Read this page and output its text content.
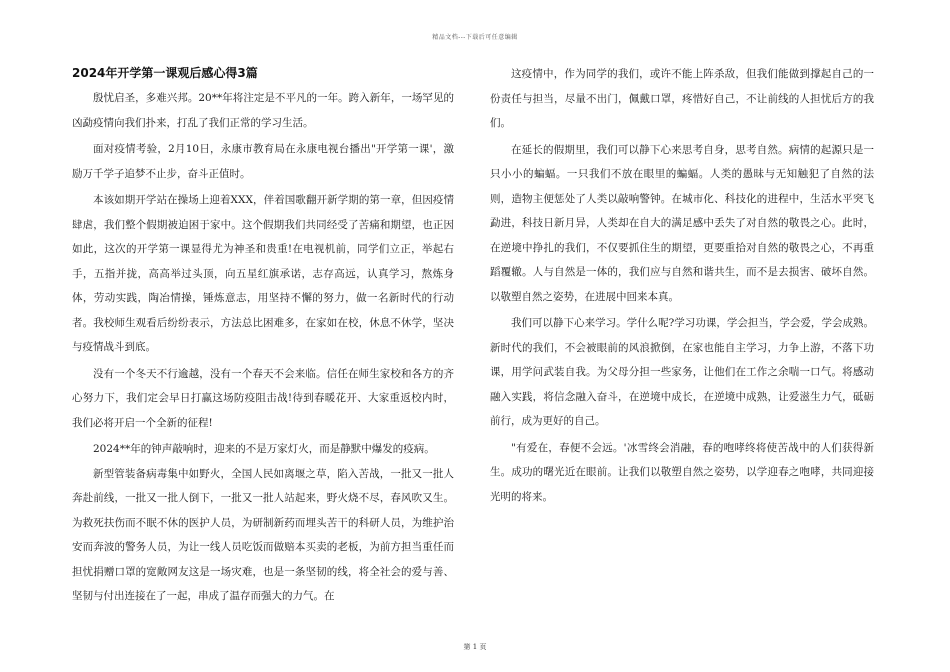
精品文档---下载后可任意编辑
2024年开学第一课观后感心得3篇

殷忧启圣，多难兴邦。20**年将注定是不平凡的一年。跨入新年，一场罕见的凶勐疫情向我们扑来，打乱了我们正常的学习生活。

面对疫情考验，2月10日，永康市教育局在永康电视台播出"开学第一课'，激励万千学子追梦不止步，奋斗正值时。

本该如期开学站在操场上迎着XXX，伴着国歌翻开新学期的第一章，但因疫情肆虐，我们整个假期被迫困于家中。这个假期我们共同经受了苦痛和期望，也正因如此，这次的开学第一课显得尤为神圣和贵重!在电视机前，同学们立正，举起右手，五指并拢，高高举过头顶，向五星红旗承诺，志存高远，认真学习，熬炼身体，劳动实践，陶冶情操，锤炼意志，用坚持不懈的努力，做一名新时代的行动者。我校师生观看后纷纷表示，方法总比困难多，在家如在校，休息不休学，坚决与疫情战斗到底。

没有一个冬天不行逾越，没有一个春天不会来临。信任在师生家校和各方的齐心努力下，我们定会早日打赢这场防疫阻击战!待到春暖花开、大家重返校内时，我们必将开启一个全新的征程!

2024**年的钟声敲响时，迎来的不是万家灯火，而是静默中爆发的疫病。

新型管装备病毒集中如野火，全国人民如离堰之草，陷入苦战，一批又一批人奔赴前线，一批又一批人倒下，一批又一批人站起来，野火烧不尽，春风吹又生。为救死扶伤而不眠不休的医护人员，为研制新药而埋头苦干的科研人员，为维护治安而奔波的警务人员，为让一线人员吃饭而做赔本买卖的老板，为前方担当重任而担忧捐赠口罩的宽敞网友这是一场灾难，也是一条坚韧的线，将全社会的爱与善、坚韧与付出连接在了一起，串成了温存而强大的力气。在

这疫情中，作为同学的我们，或许不能上阵杀敌，但我们能做到撑起自己的一份责任与担当，尽量不出门，佩戴口罩，疼惜好自己，不让前线的人担忧后方的我们。

在延长的假期里，我们可以静下心来思考自身，思考自然。病情的起源只是一只小小的蝙蝠。一只我们不放在眼里的蝙蝠。人类的愚昧与无知触犯了自然的法则，造物主便惩处了人类以敲响警钟。在城市化、科技化的进程中，生活水平突飞勐进，科技日新月异，人类却在自大的满足感中丢失了对自然的敬畏之心。此时，在逆境中挣扎的我们，不仅要抓住生的期望，更要重拾对自然的敬畏之心，不再重蹈覆辙。人与自然是一体的，我们应与自然和谐共生，而不是去损害、破坏自然。以敬塑自然之姿势，在进展中回来本真。

我们可以静下心来学习。学什么呢?学习功课，学会担当，学会爱，学会成熟。新时代的我们，不会被眼前的风浪掀倒，在家也能自主学习，力争上游，不落下功课，用学问武装自我。为父母分担一些家务，让他们在工作之余喘一口气。将感动融入实践，将信念融入奋斗，在逆境中成长，在逆境中成熟，让爱滋生力气，砥砺前行，成为更好的自己。

"有爱在，春便不会远。'冰雪终会消融，春的咆哮终将使苦战中的人们获得新生。成功的曙光近在眼前。让我们以敬塑自然之姿势，以学迎春之咆哮，共同迎接光明的将来。

第 1 页
